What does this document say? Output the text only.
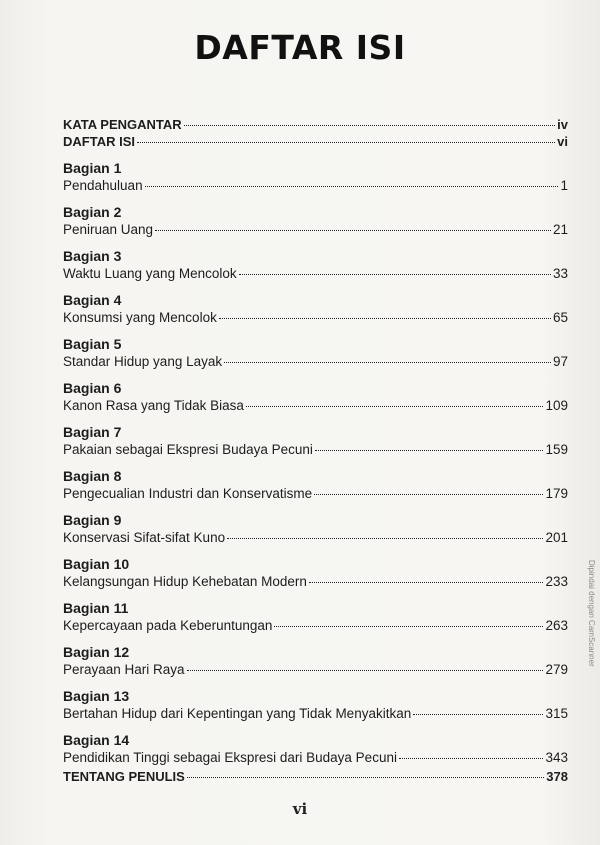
DAFTAR ISI
KATA PENGANTAR	iv
DAFTAR ISI	vi
Bagian 1
Pendahuluan	1
Bagian 2
Peniruan Uang	21
Bagian 3
Waktu Luang yang Mencolok	33
Bagian 4
Konsumsi yang Mencolok	65
Bagian 5
Standar Hidup yang Layak	97
Bagian 6
Kanon Rasa yang Tidak Biasa	109
Bagian 7
Pakaian sebagai Ekspresi Budaya Pecuni	159
Bagian 8
Pengecualian Industri dan Konservatisme	179
Bagian 9
Konservasi Sifat-sifat Kuno	201
Bagian 10
Kelangsungan Hidup Kehebatan Modern	233
Bagian 11
Kepercayaan pada Keberuntungan	263
Bagian 12
Perayaan Hari Raya	279
Bagian 13
Bertahan Hidup dari Kepentingan yang Tidak Menyakitkan	315
Bagian 14
Pendidikan Tinggi sebagai Ekspresi dari Budaya Pecuni	343
TENTANG PENULIS	378
vi
Dipindai dengan CamScanner
